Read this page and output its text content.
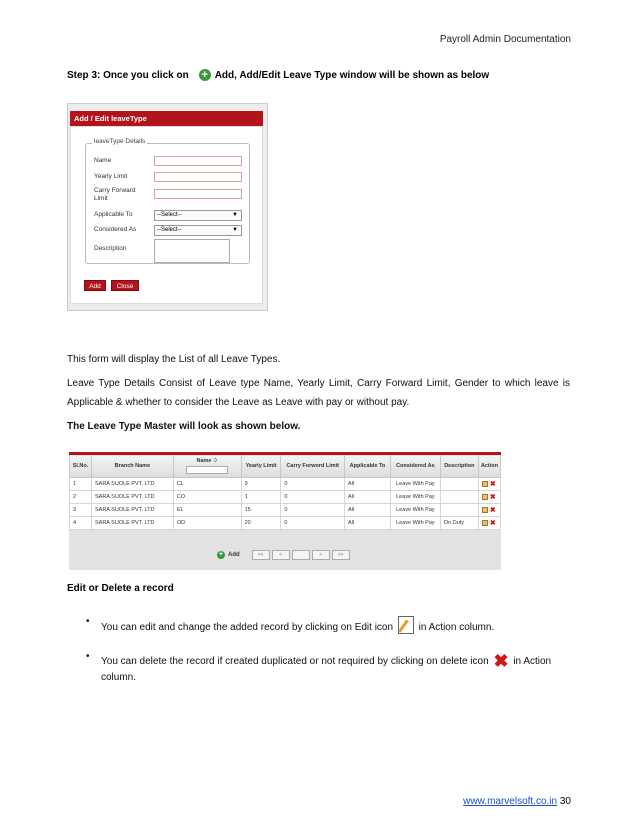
Payroll Admin Documentation
Step 3: Once you click on + Add, Add/Edit Leave Type window will be shown as below
Add / Edit leaveType
leaveType Details
Name
Yearly Limit
Carry Forward
Limit
Applicable To	--Select--	▼
Considered As	--Select--	▼
Description
Add	Close
This form will display the List of all Leave Types.
Leave Type Details Consist of Leave type Name, Yearly Limit, Carry Forward Limit, Gender to which leave is Applicable & whether to consider the Leave as Leave with pay or without pay.
The Leave Type Master will look as shown below.
Sl.No.	Branch Name	Name ♢	Yearly Limit	Carry Forword Limit	Applicable To	Considered As	Description	Action
1	SARA SUOLE PVT. LTD	CL	9	0	All	Leave With Pay		✖
2	SARA SUOLE PVT. LTD	CO	1	0	All	Leave With Pay		✖
3	SARA SUOLE PVT. LTD	EL	15	0	All	Leave With Pay		✖
4	SARA SUOLE PVT. LTD	OD	20	0	All	Leave With Pay	On Duty	✖
+ Add	<<	<	>	>>
Edit or Delete a record
•
You can edit and change the added record by clicking on Edit icon	in Action column.
• You can delete the record if created duplicated or not required by clicking on delete icon ✖ in Action
column.
www.marvelsoft.co.in 30
